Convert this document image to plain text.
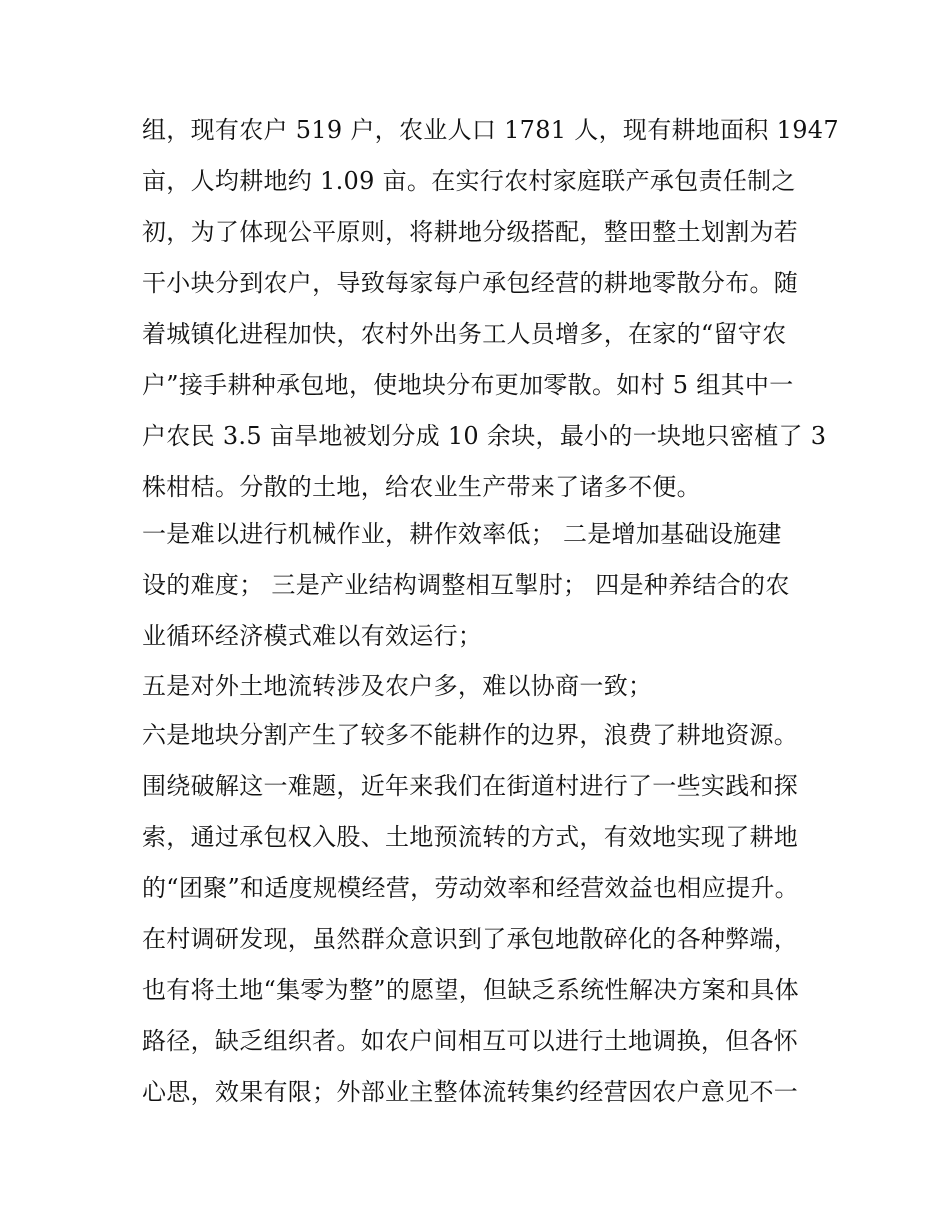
组，现有农户 519 户，农业人口 1781 人，现有耕地面积 1947
亩，人均耕地约 1.09 亩。在实行农村家庭联产承包责任制之
初，为了体现公平原则，将耕地分级搭配，整田整土划割为若
干小块分到农户，导致每家每户承包经营的耕地零散分布。随
着城镇化进程加快，农村外出务工人员增多，在家的“留守农
户”接手耕种承包地，使地块分布更加零散。如村 5 组其中一
户农民 3.5 亩旱地被划分成 10 余块，最小的一块地只密植了 3
株柑桔。分散的土地，给农业生产带来了诸多不便。
一是难以进行机械作业，耕作效率低； 二是增加基础设施建
设的难度； 三是产业结构调整相互掣肘； 四是种养结合的农
业循环经济模式难以有效运行；
五是对外土地流转涉及农户多，难以协商一致；
六是地块分割产生了较多不能耕作的边界，浪费了耕地资源。
围绕破解这一难题，近年来我们在街道村进行了一些实践和探
索，通过承包权入股、土地预流转的方式，有效地实现了耕地
的“团聚”和适度规模经营，劳动效率和经营效益也相应提升。
在村调研发现，虽然群众意识到了承包地散碎化的各种弊端，
也有将土地“集零为整”的愿望，但缺乏系统性解决方案和具体
路径，缺乏组织者。如农户间相互可以进行土地调换，但各怀
心思，效果有限；外部业主整体流转集约经营因农户意见不一
